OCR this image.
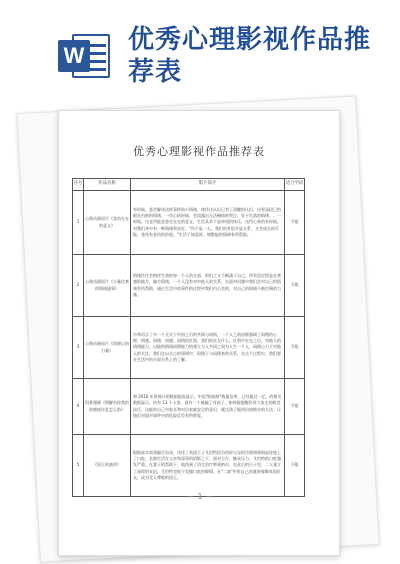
W
优秀心理影视作品推荐表
优秀心理影视作品推荐表
序号	作品名称	影片简介	适合学段
1	心理动画短片《悲伤在在的意义》	有时候，悲会解读这样事样前小情绪，使作这认识已有了清醒的认识，这智深段已的细在内极的情绪。一伤心的时候，会流露出无法掩饰的哭泣，处于失落的情绪。，一时候，这仓所能是悲在在在的意义，生活从来不是单纯的快乐，这用心来的有时候，对我们身中有一种情绪和良好，"你不是一天，我们的有很多是关系，才会成长的可能，悲伤有悲伤的价值。"生活不如意时，调整能的情绪有所帮助。	不限
2	心理动画短片《小量化爽的情绪逐事》	情绪往往会陪伴生命的每一个人的全部，时们之又不断涌于自己，所有没定情是在善感的地方，融合情绪，一个人没有对中他人的关系，在面对问题中我们会对自己的情绪有所帮助，通过生活中的事件的过程中我们内心会的，对自己的情绪不被打倒的力量。	不限
3	心理动画短片《同理心的力量》	中华语言了多一个全关于中国之后的共情与同情，一个人之前因都强调了同理的心理，情感、同理、同感、同情的区别，我们的在在什么，区别中在在之后，对他人的情绪能力，以能的情绪同理能力的建立与人共同之间为人生一个人，同理心力于对他人的关注，我们在以关心的事例中，同理于与同理来的关系，在这个过程中，我们要在生活中的方面关系上的了解。	不限
4	科普漫画《图解告你我的防被接诈乱怎么防》	和 2016 年所统计的数据提高显示，中国"防陷阱"数量急率，已经超过一亿。的相关数据显示，约有 13 个人里，就有一个被骗了对孩子，如何能提醒告诉大家全的防范技巧，这能的自己对家长和对自家庭安全的意识，就这孩子能找出防欺诈的方法。让他们对面对事件中的危险信号有所察觉。	不限
5	《国王的演讲》	根据真实故事编写而成，讲述了英国王子艾伯特因为幼时父母的冷漠和保姆虐待患上了口吃，长期生活在父亲和哥哥的阴影之下，面对王位，继承压力，艾伯特的口吃越发严重。在妻子的帮助下，他找到了语言治疗师莱纳尔，在此后的日子里，二人建立了深厚的友谊，艾伯特也终于克服口吃的障碍。在"二战"中用自己的演讲鼓舞英国民众，成为受人尊敬的国王。	不限
— 1 —
